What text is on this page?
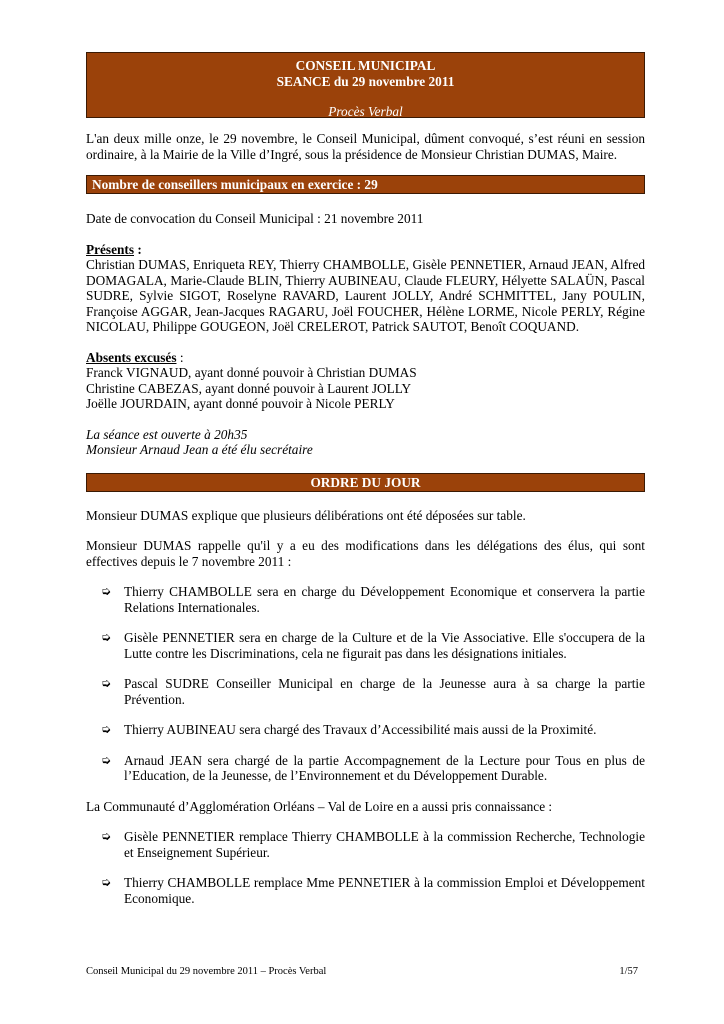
CONSEIL MUNICIPAL
SEANCE du 29 novembre 2011
Procès Verbal

L'an deux mille onze, le 29 novembre, le Conseil Municipal, dûment convoqué, s’est réuni en session ordinaire, à la Mairie de la Ville d’Ingré, sous la présidence de Monsieur Christian DUMAS, Maire.

Nombre de conseillers municipaux en exercice : 29

Date de convocation du Conseil Municipal : 21 novembre 2011

Présents :

Christian DUMAS, Enriqueta REY, Thierry CHAMBOLLE, Gisèle PENNETIER, Arnaud JEAN, Alfred DOMAGALA, Marie-Claude BLIN, Thierry AUBINEAU, Claude FLEURY, Hélyette SALAÜN, Pascal SUDRE, Sylvie SIGOT, Roselyne RAVARD, Laurent JOLLY, André SCHMITTEL, Jany POULIN, Françoise AGGAR, Jean-Jacques RAGARU, Joël FOUCHER, Hélène LORME, Nicole PERLY, Régine NICOLAU, Philippe GOUGEON, Joël CRELEROT, Patrick SAUTOT, Benoît COQUAND.

Absents excusés :
Franck VIGNAUD, ayant donné pouvoir à Christian DUMAS
Christine CABEZAS, ayant donné pouvoir à Laurent JOLLY
Joëlle JOURDAIN, ayant donné pouvoir à Nicole PERLY
La séance est ouverte à 20h35
Monsieur Arnaud Jean a été élu secrétaire
ORDRE DU JOUR

Monsieur DUMAS explique que plusieurs délibérations ont été déposées sur table.

Monsieur DUMAS rappelle qu'il y a eu des modifications dans les délégations des élus, qui sont effectives depuis le 7 novembre 2011 :

➭ Thierry CHAMBOLLE sera en charge du Développement Economique et conservera la partie Relations Internationales.
➭ Gisèle PENNETIER sera en charge de la Culture et de la Vie Associative. Elle s'occupera de la Lutte contre les Discriminations, cela ne figurait pas dans les désignations initiales.
➭ Pascal SUDRE Conseiller Municipal en charge de la Jeunesse aura à sa charge la partie Prévention.
➭ Thierry AUBINEAU sera chargé des Travaux d’Accessibilité mais aussi de la Proximité.
➭ Arnaud JEAN sera chargé de la partie Accompagnement de la Lecture pour Tous en plus de l’Education, de la Jeunesse, de l’Environnement et du Développement Durable.

La Communauté d’Agglomération Orléans – Val de Loire en a aussi pris connaissance :

➭ Gisèle PENNETIER remplace Thierry CHAMBOLLE à la commission Recherche, Technologie et Enseignement Supérieur.
➭ Thierry CHAMBOLLE remplace Mme PENNETIER à la commission Emploi et Développement Economique.
Conseil Municipal du 29 novembre 2011 – Procès Verbal	1/57
